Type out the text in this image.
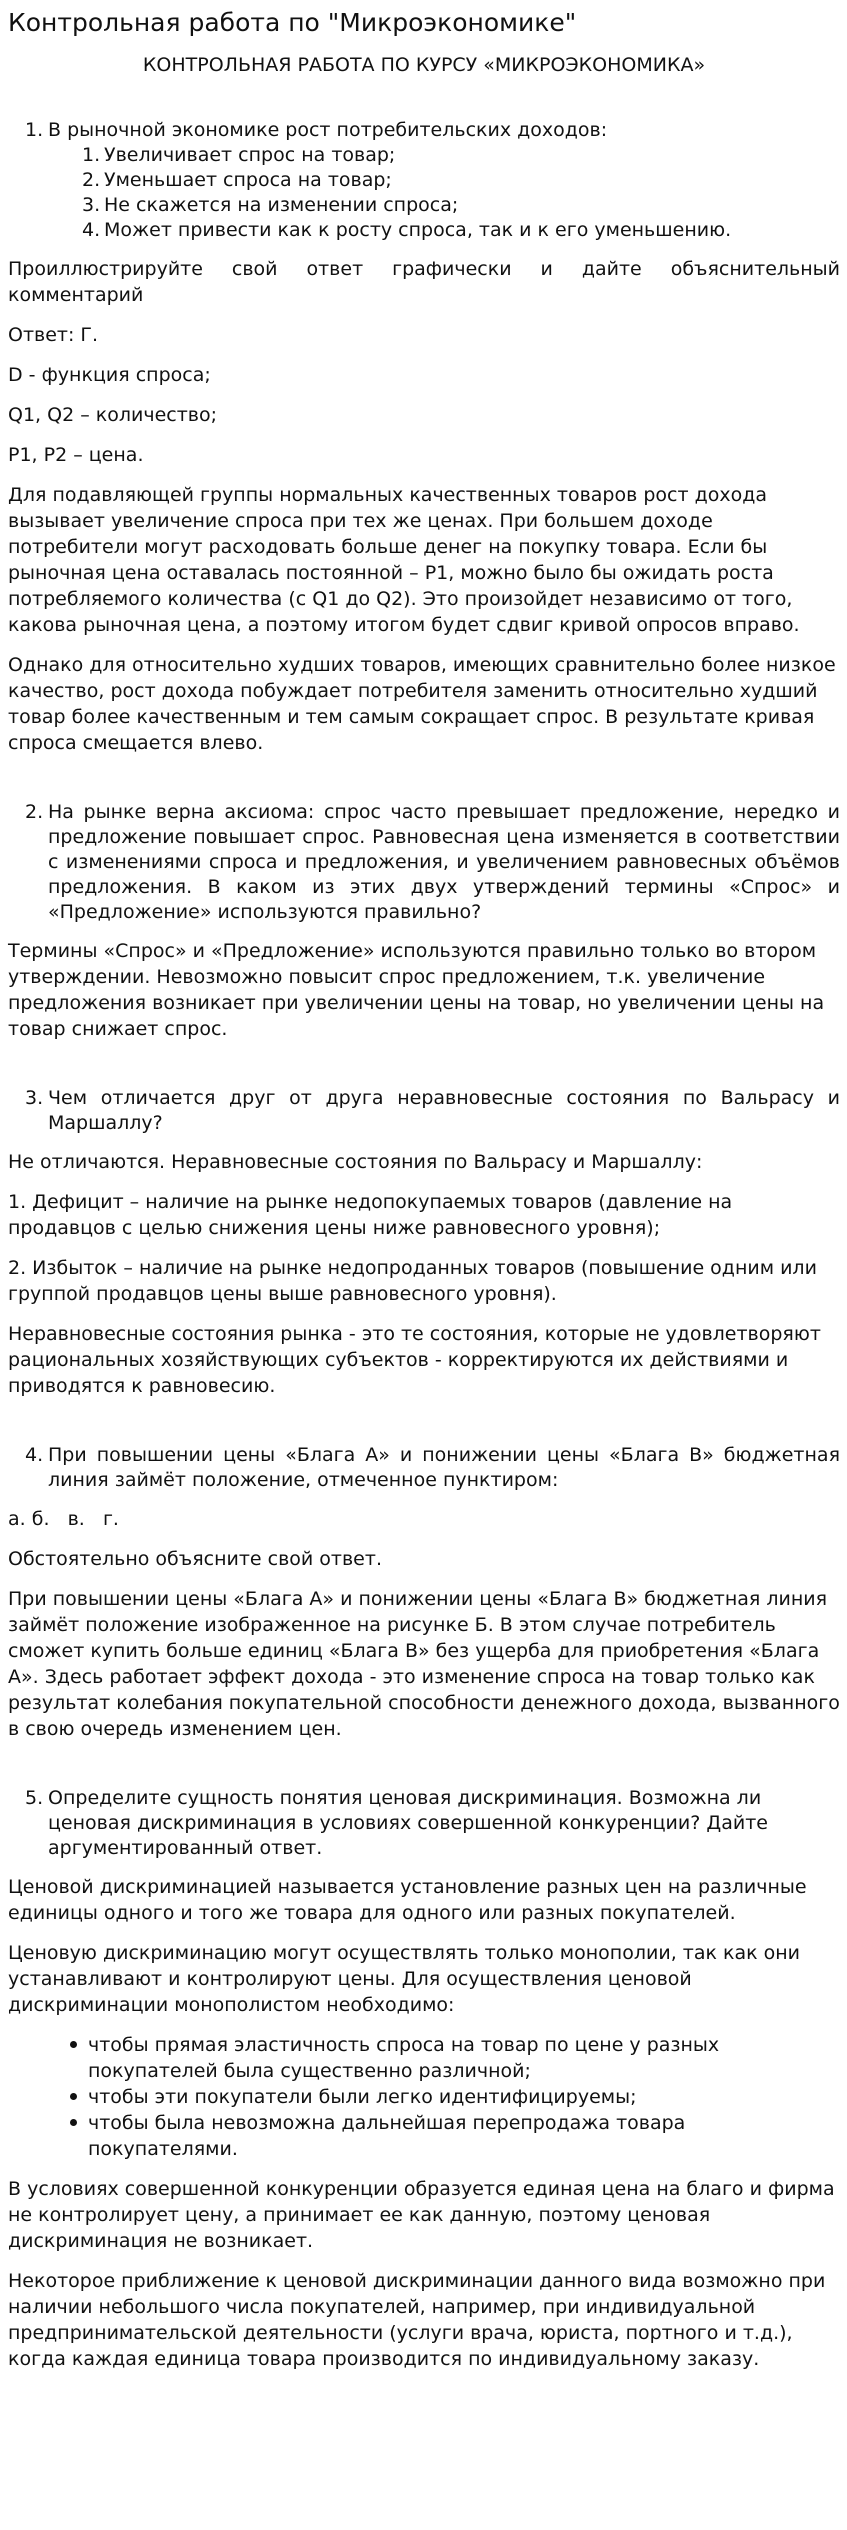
Контрольная работа по "Микроэкономике"
КОНТРОЛЬНАЯ РАБОТА ПО КУРСУ «МИКРОЭКОНОМИКА»
1. В рыночной экономике рост потребительских доходов:
1. Увеличивает спрос на товар;
2. Уменьшает спроса на товар;
3. Не скажется на изменении спроса;
4. Может привести как к росту спроса, так и к его уменьшению.

Проиллюстрируйте свой ответ графически и дайте объяснительный комментарий

Ответ: Г.

D - функция спроса;

Q1, Q2 – количество;

P1, P2 – цена.

Для подавляющей группы нормальных качественных товаров рост дохода вызывает увеличение спроса при тех же ценах. При большем доходе потребители могут расходовать больше денег на покупку товара. Если бы рыночная цена оставалась постоянной – P1, можно было бы ожидать роста потребляемого количества (с Q1 до Q2). Это произойдет независимо от того, какова рыночная цена, а поэтому итогом будет сдвиг кривой опросов вправо.

Однако для относительно худших товаров, имеющих сравнительно более низкое качество, рост дохода побуждает потребителя заменить относительно худший товар более качественным и тем самым сокращает спрос. В результате кривая спроса смещается влево.

2. На рынке верна аксиома: спрос часто превышает предложение, нередко и предложение повышает спрос. Равновесная цена изменяется в соответствии с изменениями спроса и предложения, и увеличением равновесных объёмов предложения. В каком из этих двух утверждений термины «Спрос» и «Предложение» используются правильно?

Термины «Спрос» и «Предложение» используются правильно только во втором утверждении. Невозможно повысит спрос предложением, т.к. увеличение предложения возникает при увеличении цены на товар, но увеличении цены на товар снижает спрос.

3. Чем отличается друг от друга неравновесные состояния по Вальрасу и Маршаллу?

Не отличаются. Неравновесные состояния по Вальрасу и Маршаллу:

1. Дефицит – наличие на рынке недопокупаемых товаров (давление на продавцов с целью снижения цены ниже равновесного уровня);

2. Избыток – наличие на рынке недопроданных товаров (повышение одним или группой продавцов цены выше равновесного уровня).

Неравновесные состояния рынка - это те состояния, которые не удовлетворяют рациональных хозяйствующих субъектов - корректируются их действиями и приводятся к равновесию.

4. При повышении цены «Блага А» и понижении цены «Блага В» бюджетная линия займёт положение, отмеченное пунктиром:

а. б.   в.   г.

Обстоятельно объясните свой ответ.

При повышении цены «Блага А» и понижении цены «Блага В» бюджетная линия займёт положение изображенное на рисунке Б. В этом случае потребитель сможет купить больше единиц «Блага В» без ущерба для приобретения «Блага А». Здесь работает эффект дохода - это изменение спроса на товар только как результат колебания покупательной способности денежного дохода, вызванного в свою очередь изменением цен.

5. Определите сущность понятия ценовая дискриминация. Возможна ли ценовая дискриминация в условиях совершенной конкуренции? Дайте аргументированный ответ.

Ценовой дискриминацией называется установление разных цен на различные единицы одного и того же товара для одного или разных покупателей.

Ценовую дискриминацию могут осуществлять только монополии, так как они устанавливают и контролируют цены. Для осуществления ценовой дискриминации монополистом необходимо:

чтобы прямая эластичность спроса на товар по цене у разных покупателей была существенно различной;
чтобы эти покупатели были легко идентифицируемы;
чтобы была невозможна дальнейшая перепродажа товара покупателями.

В условиях совершенной конкуренции образуется единая цена на благо и фирма не контролирует цену, а принимает ее как данную, поэтому ценовая дискриминация не возникает.

Некоторое приближение к ценовой дискриминации данного вида возможно при наличии небольшого числа покупателей, например, при индивидуальной предпринимательской деятельности (услуги врача, юриста, портного и т.д.), когда каждая единица товара производится по индивидуальному заказу.
